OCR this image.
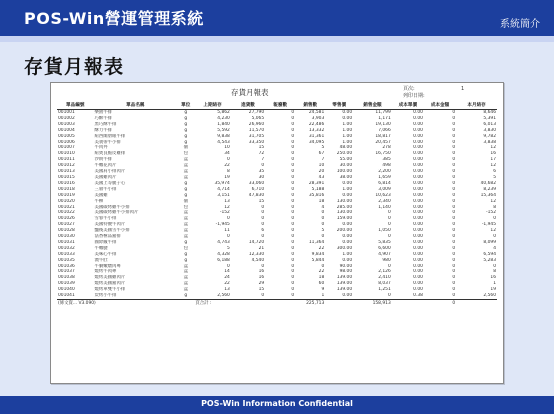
POS-Win營運管理系統	系統簡介
存貨月報表
存貨月報表	頁次:	1
列印日期:
單品編號	單品名稱	單位	上期結存	進貨數	報廢數	銷售數	零售價	銷售金額	成本單價	成本金額	本月結存
001001	樂園牛排	g	5,862	27,790	0	24,581	0.00	11,799	0.00	0	8,646
001002	巧酥牛排	g	4,230	5,065	0	3,903	0.00	1,171	0.00	0	5,391
001003	黑巧酥牛排	g	1,840	26,960	0	22,486	1.00	19,130	0.00	0	6,013
001004	酥力牛排	g	5,592	11,570	0	13,332	1.00	7,066	0.00	0	3,830
001005	紐西蘭肋眼牛排	g	9,838	31,705	0	31,361	1.00	18,817	0.00	0	9,782
001006	美義帶牛小排	g	4,543	33,350	0	34,095	1.00	20,457	0.00	0	3,838
001007	牛肉丼	個	10	15	0	5	48.00	278	0.00	0	12
001010	紐奧良脆皮雞排	包	34	72	0	67	250.00	16,750	0.00	0	16
001011	沙朗牛排	盒	0	7	0	7	55.00	385	0.00	0	17
001012	牛嫩花肉片	盒	22	0	0	10	30.00	498	0.00	0	12
001013	美國肩小排肉片	盒	8	35	0	20	100.00	2,200	0.00	0	6
001015	美國雞肉片	盒	19	30	0	43	38.00	1,659	0.00	0	5
001016	美國上等腿子心	g	35,974	33,060	0	28,391	0.00	6,814	0.00	0	40,682
001018	三層牛小排	g	4,714	6,710	0	5,188	1.00	3,009	0.00	0	8,239
001019	美國雞	g	3,151	47,830	0	35,816	0.00	10,623	0.00	0	15,364
001020	牛柳	個	13	15	0	18	130.00	2,340	0.00	0	12
001021	美國碳烤雞牛小排	包	12	0	0	4	285.00	1,140	0.00	0	8
001022	美國碳烤雞牛小排肉片	盒	-152	0	0	0	130.00	0	0.00	0	-152
001026	雪蓉牛小排	盒	0	0	0	0	159.00	0	0.00	0	0
001027	美國特優牛肉片	盒	-1,945	0	0	0	0.00	0	0.00	0	-1,945
001028	豔後美國雪牛小排	盒	11	6	0	5	200.00	1,050	0.00	0	12
001030	法香極品豬排	盒	0	0	0	0	0.00	0	0.00	0	0
001031	國際級牛排	g	4,743	14,720	0	11,364	0.00	5,835	0.00	0	8,099
001032	牛嫩腱	包	5	21	0	22	300.00	6,600	0.00	0	4
001033	美味心牛排	g	4,328	12,330	0	9,834	1.00	4,907	0.00	0	6,594
001035	澳牛肚	g	6,188	4,540	0	5,844	0.00	980	0.00	0	5,283
001036	牛腩嫩燉肉專	盒	0	0	0	0	90.00	0	0.00	0	0
001037	燒烤牛肉專	盒	14	16	0	22	98.00	2,126	0.00	0	8
001038	燒烤美國雞肉片	盒	24	16	0	18	139.00	2,410	0.00	0	16
001039	燒烤美國豬肉片	盒	22	29	0	60	139.00	8,037	0.00	0	1
001040	燒烤單雙牛小排	盒	13	15	0	9	139.00	1,251	0.00	0	19
001041	炭烤小牛排	g	2,560	0	0	1	0.00	0	0.38	0	2,560
(條文資... V3.090)			頁合計 :			225,713		158,913		0	
POS-Win Information Confidential
